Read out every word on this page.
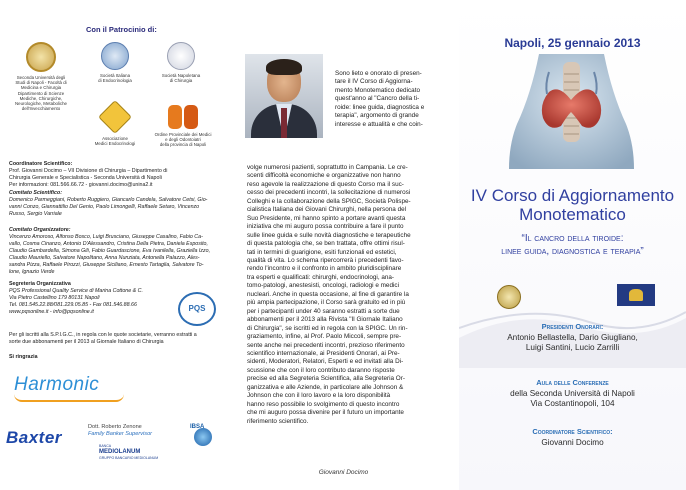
Con il Patrocinio di:
Seconda Università degli
Studi di Napoli - Facoltà di
Medicina e Chirurgia
Dipartimento di Scienze
Mediche, Chirurgiche,
Neurologiche, Metaboliche
dell'Invecchiamento
Società Italiana
di Endocrinologia
Società Napoletana
di Chirurgia
Associazione
Medici Endocrinologi
Ordine Provinciale dei Medici
e degli Odontoiatri
della provincia di Napoli
Coordinatore Scientifico:
Prof. Giovanni Docimo – VII Divisione di Chirurgia – Dipartimento di
Chirurgia Generale e Specialistica - Seconda Università di Napoli
Per informazioni: 081.566.66.72 - giovanni.docimo@unina2.it
Comitato Scientifico:
Domenico Parmeggiani, Roberto Ruggiero, Giancarlo Candela, Salvatore Cetsi, Gio-
vanni Conzo, Giannattilio Del Genio, Paolo Limongelli, Raffaele Setaro, Vincenzo
Russo, Sergio Varriale
Comitato Organizzatore:
Vincenzo Amoroso, Alfonso Bosco, Luigi Brusciano, Giuseppe Casalino, Fabio Ca-
vallo, Cosma Cinanzo, Antonio D'Alessandro, Cristina Della Pietra, Daniela Esposito,
Claudio Gambardella, Simona Gili, Fabio Guardascione, Eva Ivanilella, Graziella Izzo,
Claudio Mauriello, Salvatore Napolitano, Anna Nunziata, Antonella Palazzo, Ales-
sandra Pizza, Raffaele Pirozzi, Giuseppe Siciliano, Ernesto Tartaglia, Salvatore To-
lone, Ignazio Verde
Segreteria Organizzativa
PQS Professional Quality Service di Marina Cottone & C.
Via Pietro Castellino 179 80131 Napoli
Tel. 081.545.22.88/081.229.05.85 - Fax 081.546.88.66
www.pqsonline.it - info@pqsonline.it	PQS
Per gli iscritti alla S.P.I.G.C., in regola con le quote societarie, verranno estratti a
sorte due abbonamenti per il 2013 al Giornale Italiano di Chirurgia
Si ringrazia
Harmonic
Baxter
Dott. Roberto Zenone
Family Banker Supervisor
IBSA
BANCA
MEDIOLANUM
GRUPPO BANCARIO MEDIOLANUM
Sono lieto e onorato di presen-
tare il IV Corso di Aggiorna-
mento Monotematico dedicato
quest'anno al "Cancro della ti-
roide: linee guida, diagnostica e
terapia", argomento di grande
interesse e attualità e che coin-
volge numerosi pazienti, soprattutto in Campania. Le cre-
scenti difficoltà economiche e organizzative non hanno
reso agevole la realizzazione di questo Corso ma il suc-
cesso dei precedenti incontri, la sollecitazione di numerosi
Colleghi e la collaborazione della SPIGC, Società Polispe-
cialistica Italiana dei Giovani Chirurghi, nella persona del
Suo Presidente, mi hanno spinto a portare avanti questa
iniziativa che mi auguro possa contribuire a fare il punto
sulle linee guida e sulle novità diagnostiche e terapeutiche
di questa patologia che, se ben trattata, offre ottimi risul-
tati in termini di guarigione, esiti funzionali ed estetici,
qualità di vita. Lo schema ripercorrerà i precedenti favo-
rendo l'incontro e il confronto in ambito pluridisciplinare
tra esperti e qualificati: chirurghi, endocrinologi, ana-
tomo-patologi, anestesisti, oncologi, radiologi e medici
nucleari. Anche in questa occasione, al fine di garantire la
più ampia partecipazione, il Corso sarà gratuito ed in più
per i partecipanti under 40 saranno estratti a sorte due
abbonamenti per il 2013 alla Rivista "Il Giornale Italiano
di Chirurgia", se iscritti ed in regola con la SPIGC. Un rin-
graziamento, infine, al Prof. Paolo Miccoli, sempre pre-
sente anche nei precedenti incontri, prezioso riferimento
scientifico internazionale, ai Presidenti Onorari, ai Pre-
sidenti, Moderatori, Relatori, Esperti e ed invitati alla Di-
scussione che con il loro contributo daranno risposte
precise ed alla Segreteria Scientifica, alla Segreteria Or-
ganizzativa e alle Aziende, in particolare alle Johnson &
Johnson che con il loro lavoro e la loro disponibilità
hanno reso possibile lo svolgimento di questo incontro
che mi auguro possa divenire per il futuro un importante
riferimento scientifico.
Giovanni Docimo
Napoli, 25 gennaio 2013
IV Corso di Aggiornamento
Monotematico
“Il cancro della tiroide:
linee guida, diagnostica e terapia”
Presidenti Onorari:
Antonio Bellastella, Dario Giugliano,
Luigi Santini, Lucio Zarrilli
Aula delle Conferenze
della Seconda Università di Napoli
Via Costantinopoli, 104
Coordinatore Scientifico:
Giovanni Docimo
